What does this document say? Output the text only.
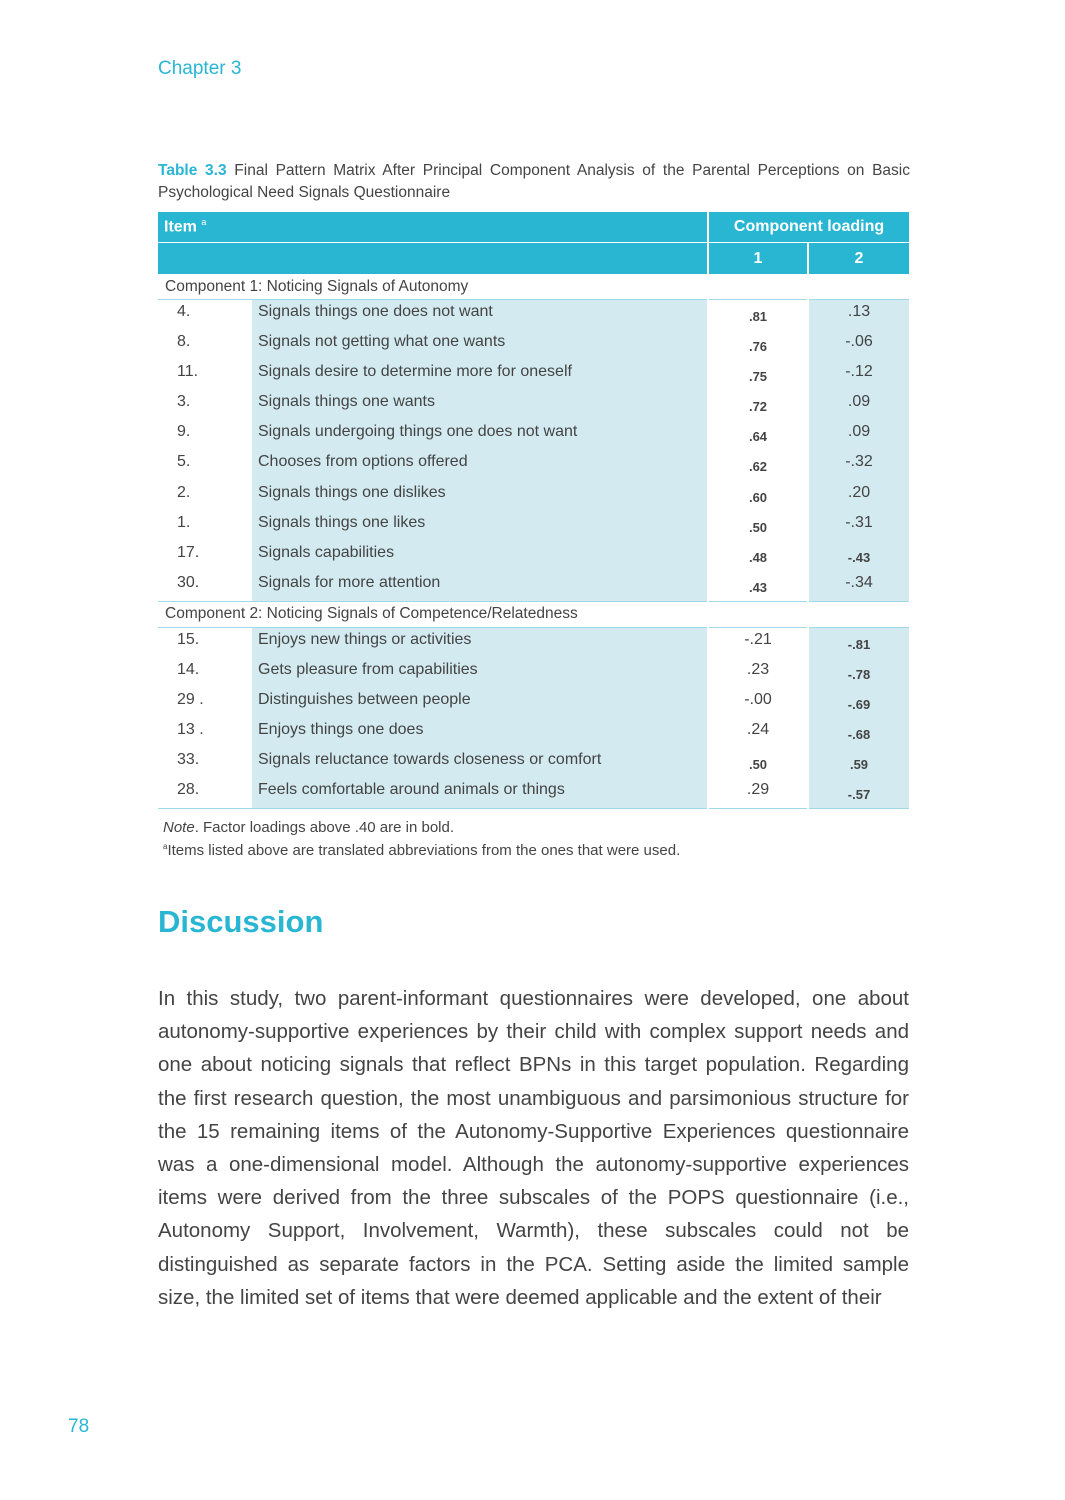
Chapter 3
Table 3.3 Final Pattern Matrix After Principal Component Analysis of the Parental Perceptions on Basic Psychological Need Signals Questionnaire
Item $^a$		Component loading	
		1	2
Component 1: Noticing Signals of Autonomy			
4.	Signals things one does not want	.81	.13
8.	Signals not getting what one wants	.76	-.06
11.	Signals desire to determine more for oneself	.75	-.12
3.	Signals things one wants	.72	.09
9.	Signals undergoing things one does not want	.64	.09
5.	Chooses from options offered	.62	-.32
2.	Signals things one dislikes	.60	.20
1.	Signals things one likes	.50	-.31
17.	Signals capabilities	.48	-.43
30.	Signals for more attention	.43	-.34
Component 2: Noticing Signals of Competence/Relatedness			
15.	Enjoys new things or activities	-.21	-.81
14.	Gets pleasure from capabilities	.23	-.78
29 .	Distinguishes between people	-.00	-.69
13 .	Enjoys things one does	.24	-.68
33.	Signals reluctance towards closeness or comfort	.50	.59
28.	Feels comfortable around animals or things	.29	-.57
Note. Factor loadings above .40 are in bold.
$^a$Items listed above are translated abbreviations from the ones that were used.
Discussion

In this study, two parent-informant questionnaires were developed, one about autonomy-supportive experiences by their child with complex support needs and one about noticing signals that reflect BPNs in this target population. Regarding the first research question, the most unambiguous and parsimonious structure for the 15 remaining items of the Autonomy-Supportive Experiences questionnaire was a one-dimensional model. Although the autonomy-supportive experiences items were derived from the three subscales of the POPS questionnaire (i.e., Autonomy Support, Involvement, Warmth), these subscales could not be distinguished as separate factors in the PCA. Setting aside the limited sample size, the limited set of items that were deemed applicable and the extent of their

78
